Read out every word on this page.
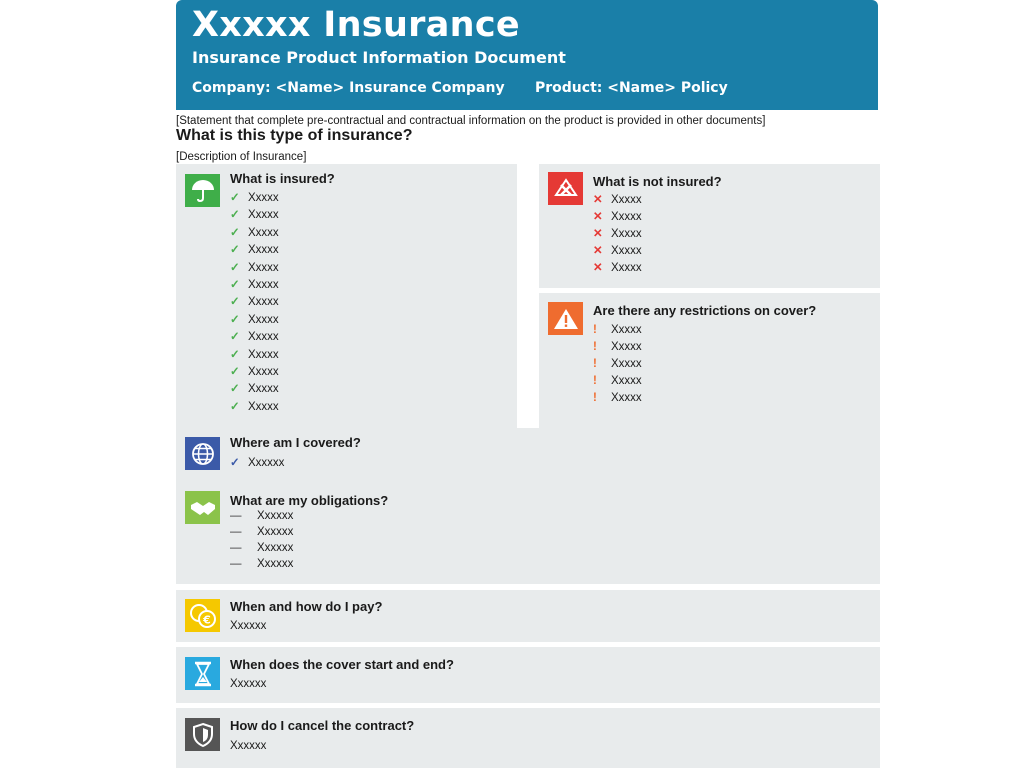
Xxxxx Insurance
Insurance Product Information Document
Company: <Name> Insurance Company Product: <Name> Policy
[Statement that complete pre-contractual and contractual information on the product is provided in other documents]
What is this type of insurance?
[Description of Insurance]
What is insured?
✓ Xxxxx
✓ Xxxxx
✓ Xxxxx
✓ Xxxxx
✓ Xxxxx
✓ Xxxxx
✓ Xxxxx
✓ Xxxxx
✓ Xxxxx
✓ Xxxxx
✓ Xxxxx
✓ Xxxxx
✓ Xxxxx
What is not insured?
✕ Xxxxx
✕ Xxxxx
✕ Xxxxx
✕ Xxxxx
✕ Xxxxx
Are there any restrictions on cover?
! Xxxxx
! Xxxxx
! Xxxxx
! Xxxxx
! Xxxxx
Where am I covered?
✓ Xxxxxx
What are my obligations?
— Xxxxxx
— Xxxxxx
— Xxxxxx
— Xxxxxx
€
When and how do I pay?
Xxxxxx
When does the cover start and end?
Xxxxxx
How do I cancel the contract?
Xxxxxx
